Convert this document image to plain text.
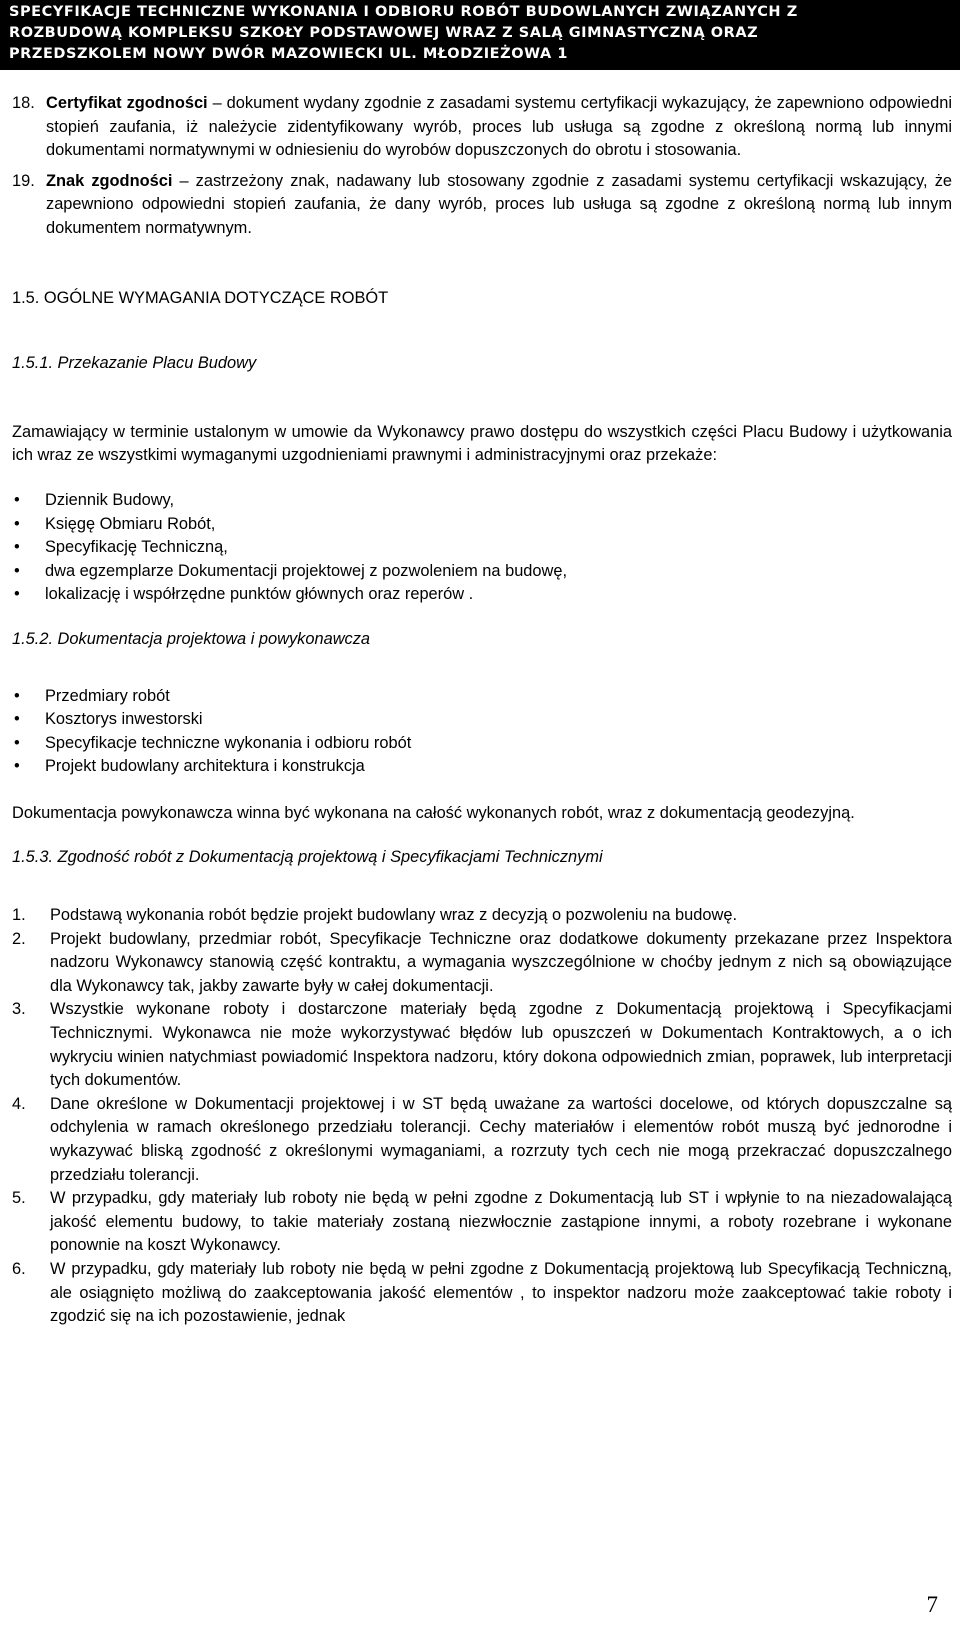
SPECYFIKACJE TECHNICZNE WYKONANIA I ODBIORU ROBÓT BUDOWLANYCH ZWIĄZANYCH Z
ROZBUDOWĄ KOMPLEKSU SZKOŁY PODSTAWOWEJ WRAZ Z SALĄ GIMNASTYCZNĄ ORAZ
PRZEDSZKOLEM NOWY DWÓR MAZOWIECKI UL. MŁODZIEŻOWA 1
18. Certyfikat zgodności – dokument wydany zgodnie z zasadami systemu certyfikacji wykazujący, że zapewniono odpowiedni stopień zaufania, iż należycie zidentyfikowany wyrób, proces lub usługa są zgodne z określoną normą lub innymi dokumentami normatywnymi w odniesieniu do wyrobów dopuszczonych do obrotu i stosowania.
19. Znak zgodności – zastrzeżony znak, nadawany lub stosowany zgodnie z zasadami systemu certyfikacji wskazujący, że zapewniono odpowiedni stopień zaufania, że dany wyrób, proces lub usługa są zgodne z określoną normą lub innym dokumentem normatywnym.

1.5. OGÓLNE WYMAGANIA DOTYCZĄCE ROBÓT

1.5.1. Przekazanie Placu Budowy

Zamawiający w terminie ustalonym w umowie da Wykonawcy prawo dostępu do wszystkich części Placu Budowy i użytkowania ich wraz ze wszystkimi wymaganymi uzgodnieniami prawnymi i administracyjnymi oraz przekaże:

•	Dziennik Budowy,
•	Księgę Obmiaru Robót,
•	Specyfikację Techniczną,
•	dwa egzemplarze Dokumentacji projektowej z pozwoleniem na budowę,
•	lokalizację i współrzędne punktów głównych oraz reperów .

1.5.2. Dokumentacja projektowa i powykonawcza

•	Przedmiary robót
•	Kosztorys inwestorski
•	Specyfikacje techniczne wykonania i odbioru robót
•	Projekt budowlany architektura i konstrukcja

Dokumentacja powykonawcza winna być wykonana na całość wykonanych robót, wraz z dokumentacją geodezyjną.

1.5.3. Zgodność robót z Dokumentacją projektową i Specyfikacjami Technicznymi

1.	Podstawą wykonania robót będzie projekt budowlany wraz z decyzją o pozwoleniu na budowę.
2.	Projekt budowlany, przedmiar robót, Specyfikacje Techniczne oraz dodatkowe dokumenty przekazane przez Inspektora nadzoru Wykonawcy stanowią część kontraktu, a wymagania wyszczególnione w choćby jednym z nich są obowiązujące dla Wykonawcy tak, jakby zawarte były w całej dokumentacji.
3.	Wszystkie wykonane roboty i dostarczone materiały będą zgodne z Dokumentacją projektową i Specyfikacjami Technicznymi. Wykonawca nie może wykorzystywać błędów lub opuszczeń w Dokumentach Kontraktowych, a o ich wykryciu winien natychmiast powiadomić Inspektora nadzoru, który dokona odpowiednich zmian, poprawek, lub interpretacji tych dokumentów.
4.	Dane określone w Dokumentacji projektowej i w ST będą uważane za wartości docelowe, od których dopuszczalne są odchylenia w ramach określonego przedziału tolerancji. Cechy materiałów i elementów robót muszą być jednorodne i wykazywać bliską zgodność z określonymi wymaganiami, a rozrzuty tych cech nie mogą przekraczać dopuszczalnego przedziału tolerancji.
5.	W przypadku, gdy materiały lub roboty nie będą w pełni zgodne z Dokumentacją lub ST i wpłynie to na niezadowalającą jakość elementu budowy, to takie materiały zostaną niezwłocznie zastąpione innymi, a roboty rozebrane i wykonane ponownie na koszt Wykonawcy.
6.	W przypadku, gdy materiały lub roboty nie będą w pełni zgodne z Dokumentacją projektową lub Specyfikacją Techniczną, ale osiągnięto możliwą do zaakceptowania jakość elementów , to inspektor nadzoru może zaakceptować takie roboty i zgodzić się na ich pozostawienie, jednak
7
